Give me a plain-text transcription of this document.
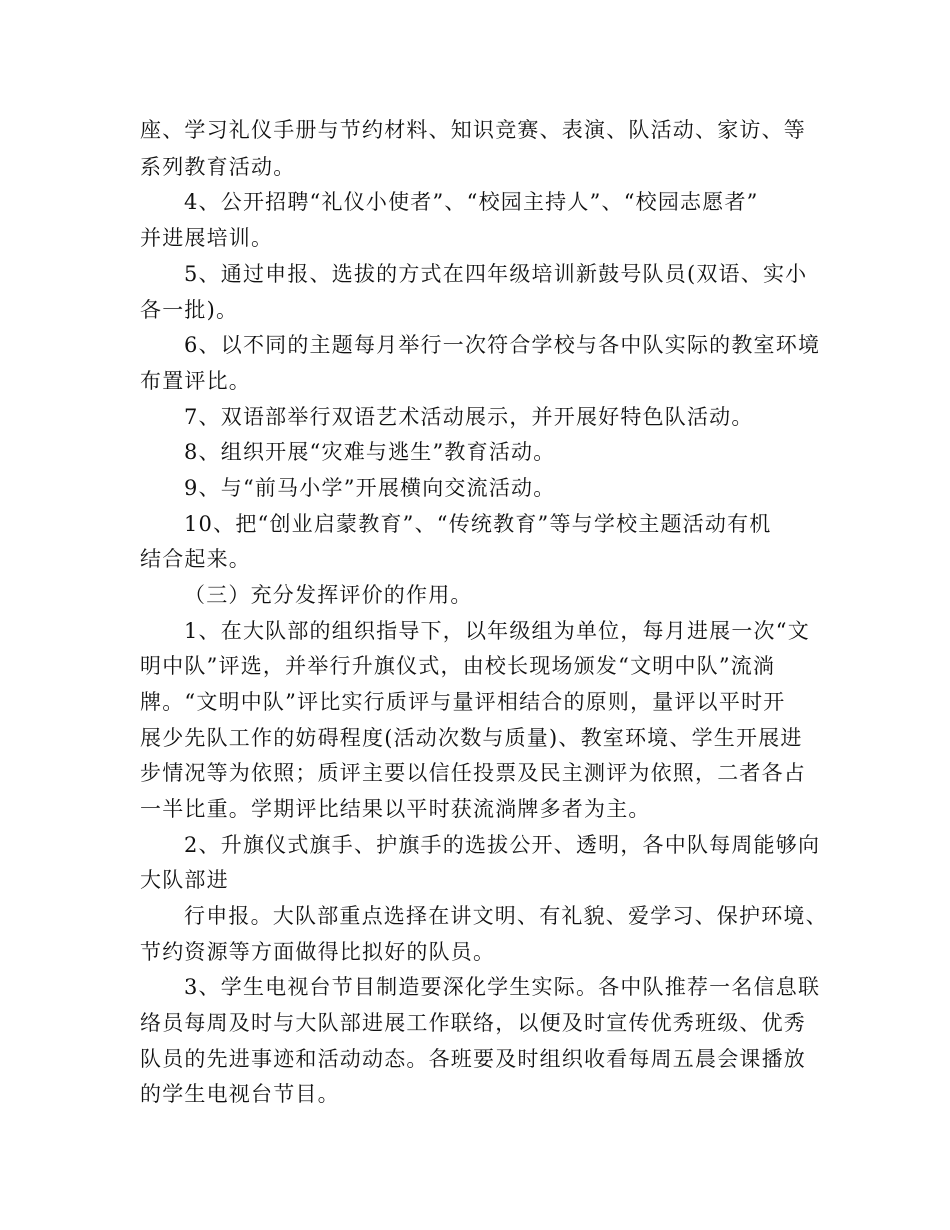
座、学习礼仪手册与节约材料、知识竞赛、表演、队活动、家访、等
系列教育活动。
4、公开招聘“礼仪小使者”、“校园主持人”、“校园志愿者”
并进展培训。
5、通过申报、选拔的方式在四年级培训新鼓号队员(双语、实小
各一批)。
6、以不同的主题每月举行一次符合学校与各中队实际的教室环境
布置评比。
7、双语部举行双语艺术活动展示，并开展好特色队活动。
8、组织开展“灾难与逃生”教育活动。
9、与“前马小学”开展横向交流活动。
10、把“创业启蒙教育”、“传统教育”等与学校主题活动有机
结合起来。
（三）充分发挥评价的作用。
1、在大队部的组织指导下，以年级组为单位，每月进展一次“文
明中队”评选，并举行升旗仪式，由校长现场颁发“文明中队”流淌
牌。“文明中队”评比实行质评与量评相结合的原则，量评以平时开
展少先队工作的妨碍程度(活动次数与质量)、教室环境、学生开展进
步情况等为依照；质评主要以信任投票及民主测评为依照，二者各占
一半比重。学期评比结果以平时获流淌牌多者为主。
2、升旗仪式旗手、护旗手的选拔公开、透明，各中队每周能够向
大队部进
行申报。大队部重点选择在讲文明、有礼貌、爱学习、保护环境、
节约资源等方面做得比拟好的队员。
3、学生电视台节目制造要深化学生实际。各中队推荐一名信息联
络员每周及时与大队部进展工作联络，以便及时宣传优秀班级、优秀
队员的先进事迹和活动动态。各班要及时组织收看每周五晨会课播放
的学生电视台节目。
